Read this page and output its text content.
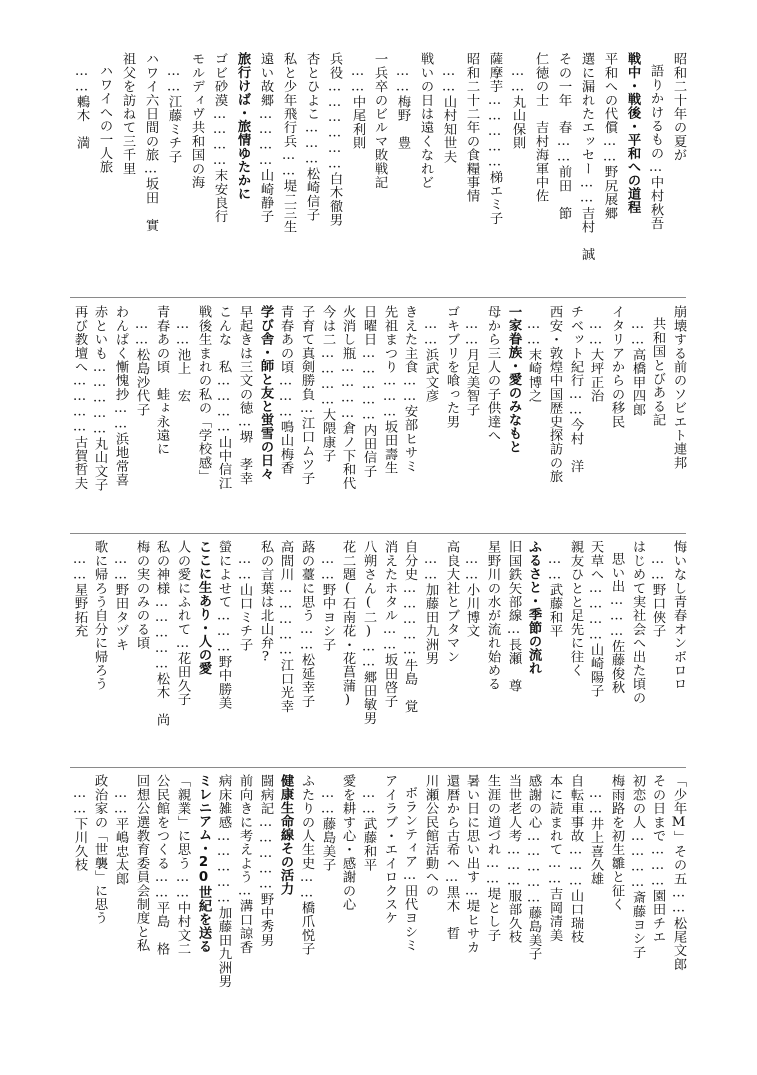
昭和二十年の夏が
語りかけるもの…中村秋吾
戦中・戦後・平和への道程
平和への代償……野尻展郷
選に漏れたエッセー……吉村　誠
その一年　春……前田　節
仁徳の士　吉村海軍中佐
……丸山保則
薩摩芋……………梯エミ子
昭和二十二年の食糧事情
……山村知世夫
戦いの日は遠くなれど
……梅野　豊
一兵卒のビルマ敗戦記
……中尾利則
兵役………………白木徹男
杏とひよこ………松崎信子
私と少年飛行兵……堤二三生
遠い故郷…………山崎静子
旅行けば・旅情ゆたかに
ゴビ砂漠…………末安良行
モルディヴ共和国の海
……江藤ミチ子
ハワイ六日間の旅…坂田　實
祖父を訪ねて三千里
ハワイへの一人旅
……鶫木　満
崩壊する前のソビエト連邦
共和国とびある記
……高橋甲四郎
イタリアからの移民
……大坪正治
チベット紀行……今村　洋
西安・敦煌中国歴史探訪の旅
……末崎博之
一家眷族・愛のみなもと
母から三人の子供達へ
……月足美智子
ゴキブリを喰った男
……浜武文彦
きえた主食……安部ヒサミ
先祖まつり………坂田壽生
日曜日……………内田信子
火消し瓶…………倉ノ下和代
今は二…………大隈康子
子育て真剣勝負…江口ムツ子
青春あの頃………鳴山梅香
学び舎・師と友と蛍雪の日々
早起きは三文の徳…堺　孝幸
こんな　私…………山中信江
戦後生まれの私の「学校感」
……池上　宏
青春あの頃　蛙ょ永遠に
……松島沙代子
わんぱく慚愧抄……浜地常喜
赤といも……………丸山文子
再び教壇へ…………古賀哲夫
悔いなし青春オンボロロ
……野口俠子
はじめて実社会へ出た頃の
思い出………佐藤俊秋
天草へ…………山崎陽子
親友ひとと足先に往く
……武藤和平
ふるさと・季節の流れ
旧国鉄矢部線…長瀬　尊
星野川の水が流れ始める
……小川博文
高良大社とブタマン
……加藤田九洲男
自分史……………牛島　覚
消えたホタル……坂田啓子
八朔さん(二)……郷田敏男
花二題(石南花・花菖蒲)
……野中ヨシ子
蕗の薹に思う……松延幸子
高間川……………江口光幸
私の言葉は北山弁?
……山口ミチ子
螢によせて………野中勝美
ここに生あり・人の愛
人の愛にふれて…花田久子
私の神様……………松木　尚
梅の実のみのる頃
……野田タヅキ
歌に帰ろう自分に帰ろう
……星野拓充
「少年M」その五……松尾文郎
その日まで………園田チエ
初恋の人…………斎藤ヨシ子
梅雨路を初生雛と征く
……井上喜久雄
自転車事故………山口瑞枝
本に読まれて……吉岡清美
感謝の心……………藤島美子
当世老人考………服部久枝
生涯の道づれ……堤とし子
暑い日に思い出す…堤ヒサカ
還暦から古希へ…黒木　晢
川瀬公民館活動への
ボランティア…田代ヨシミ
アイラブ・エイロクスケ
……武藤和平
愛を耕す心・感謝の心
……藤島美子
ふたりの人生史……橋爪悦子
健康生命線その活力
闘病記……………野中秀男
前向きに考えよう…溝口諒香
病床雑感……………加藤田九洲男
ミレニアム・20世紀を送る
「親業」に思う……中村文二
公民館をつくる……平島　格
回想公選教育委員会制度と私
……平嶋忠太郎
政治家の「世襲」に思う
……下川久枝
